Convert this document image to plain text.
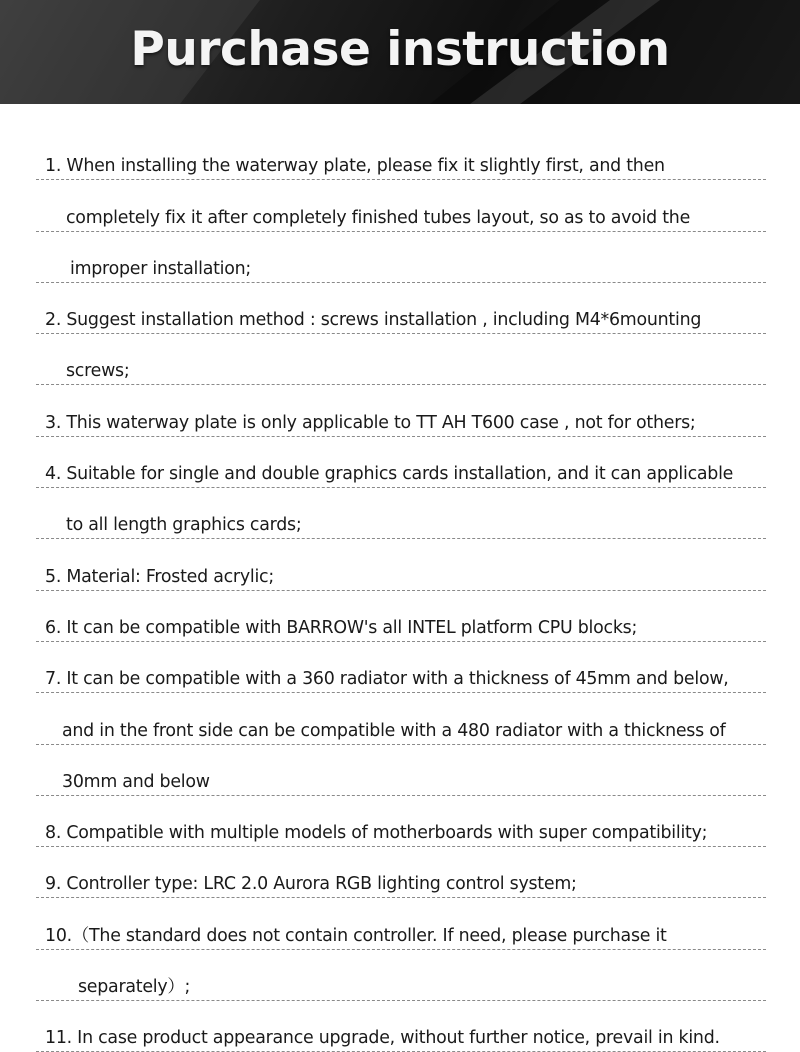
Purchase instruction
1. When installing the waterway plate, please fix it slightly first, and then
completely fix it after completely finished tubes layout, so as to avoid the
improper installation;
2. Suggest installation method : screws installation , including M4*6mounting
screws;
3. This waterway plate is only applicable to TT AH T600 case , not for others;
4. Suitable for single and double graphics cards installation, and it can applicable
to all length graphics cards;
5. Material: Frosted acrylic;
6. It can be compatible with BARROW's all INTEL platform CPU blocks;
7. It can be compatible with a 360 radiator with a thickness of 45mm and below,
and in the front side can be compatible with a 480 radiator with a thickness of
30mm and below
8. Compatible with multiple models of motherboards with super compatibility;
9. Controller type: LRC 2.0 Aurora RGB lighting control system;
10.（The standard does not contain controller. If need, please purchase it
separately）;
11. In case product appearance upgrade, without further notice, prevail in kind.
